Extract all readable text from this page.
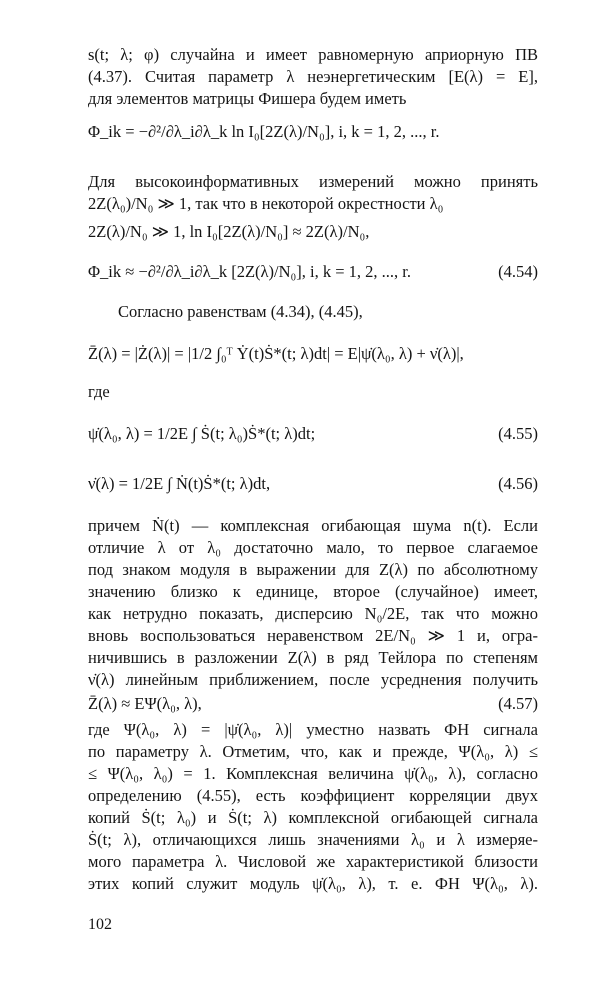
s(t; λ; φ) случайна и имеет равномерную априорную ПВ
(4.37). Считая параметр λ неэнергетическим [E(λ) = E],
для элементов матрицы Фишера будем иметь
Φ_ik = −∂²/∂λ_i∂λ_k ln I₀[2Z(λ)/N₀], i, k = 1, 2, ..., r.
Для высокоинформативных измерений можно принять
2Z(λ₀)/N₀ ≫ 1, так что в некоторой окрестности λ₀
2Z(λ)/N₀ ≫ 1, ln I₀[2Z(λ)/N₀] ≈ 2Z(λ)/N₀,
Φ_ik ≈ −∂²/∂λ_i∂λ_k [2Z(λ)/N₀], i, k = 1, 2, ..., r.	(4.54)
Согласно равенствам (4.34), (4.45),
Z̄(λ) = |Ż(λ)| = |1/2 ∫₀ᵀ Ẏ(t)Ṡ*(t; λ)dt| = E|ψ̇(λ₀, λ) + ν̇(λ)|,
где
ψ̇(λ₀, λ) = 1/2E ∫ Ṡ(t; λ₀)Ṡ*(t; λ)dt;	(4.55)
ν̇(λ) = 1/2E ∫ Ṅ(t)Ṡ*(t; λ)dt,	(4.56)
причем Ṅ(t) — комплексная огибающая шума n(t). Если
отличие λ от λ₀ достаточно мало, то первое слагаемое
под знаком модуля в выражении для Z(λ) по абсолютному
значению близко к единице, второе (случайное) имеет,
как нетрудно показать, дисперсию N₀/2E, так что можно
вновь воспользоваться неравенством 2E/N₀ ≫ 1 и, огра-
ничившись в разложении Z(λ) в ряд Тейлора по степеням
ν̇(λ) линейным приближением, после усреднения получить
Z̄(λ) ≈ EΨ(λ₀, λ),	(4.57)
где Ψ(λ₀, λ) = |ψ̇(λ₀, λ)| уместно назвать ФН сигнала
по параметру λ. Отметим, что, как и прежде, Ψ(λ₀, λ) ≤
≤ Ψ(λ₀, λ₀) = 1. Комплексная величина ψ̇(λ₀, λ), согласно
определению (4.55), есть коэффициент корреляции двух
копий Ṡ(t; λ₀) и Ṡ(t; λ) комплексной огибающей сигнала
Ṡ(t; λ), отличающихся лишь значениями λ₀ и λ измеряе-
мого параметра λ. Числовой же характеристикой близости
этих копий служит модуль ψ̇(λ₀, λ), т. е. ФН Ψ(λ₀, λ).
102
